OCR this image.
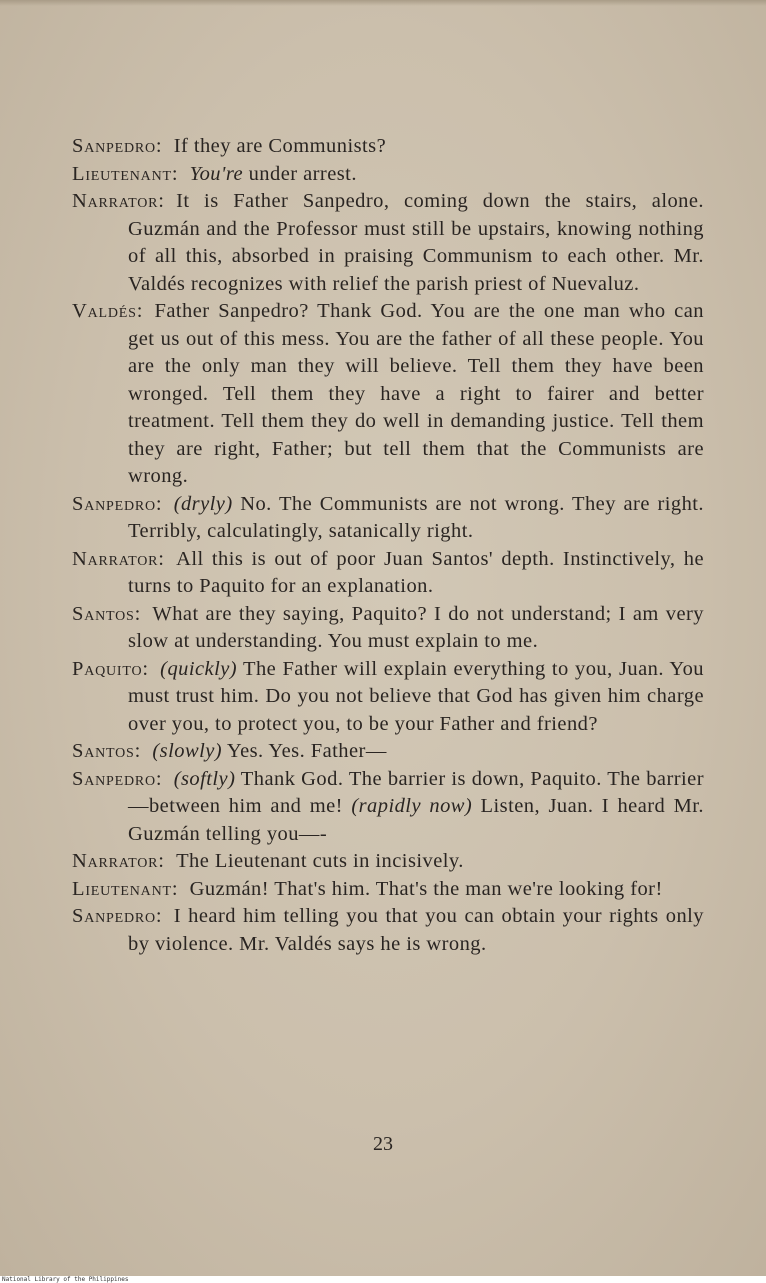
Sanpedro: If they are Communists?

Lieutenant: You're under arrest.

Narrator: It is Father Sanpedro, coming down the stairs, alone. Guzmán and the Professor must still be upstairs, knowing nothing of all this, absorbed in praising Communism to each other. Mr. Valdés recognizes with relief the parish priest of Nuevaluz.

Valdés: Father Sanpedro? Thank God. You are the one man who can get us out of this mess. You are the father of all these people. You are the only man they will believe. Tell them they have been wronged. Tell them they have a right to fairer and better treatment. Tell them they do well in demanding justice. Tell them they are right, Father; but tell them that the Communists are wrong.

Sanpedro: (dryly) No. The Communists are not wrong. They are right. Terribly, calculatingly, satanically right.

Narrator: All this is out of poor Juan Santos' depth. Instinctively, he turns to Paquito for an explanation.

Santos: What are they saying, Paquito? I do not understand; I am very slow at understanding. You must explain to me.

Paquito: (quickly) The Father will explain everything to you, Juan. You must trust him. Do you not believe that God has given him charge over you, to protect you, to be your Father and friend?

Santos: (slowly) Yes. Yes. Father—

Sanpedro: (softly) Thank God. The barrier is down, Paquito. The barrier—between him and me! (rapidly now) Listen, Juan. I heard Mr. Guzmán telling you—-

Narrator: The Lieutenant cuts in incisively.

Lieutenant: Guzmán! That's him. That's the man we're looking for!

Sanpedro: I heard him telling you that you can obtain your rights only by violence. Mr. Valdés says he is wrong.

23
National Library of the Philippines
